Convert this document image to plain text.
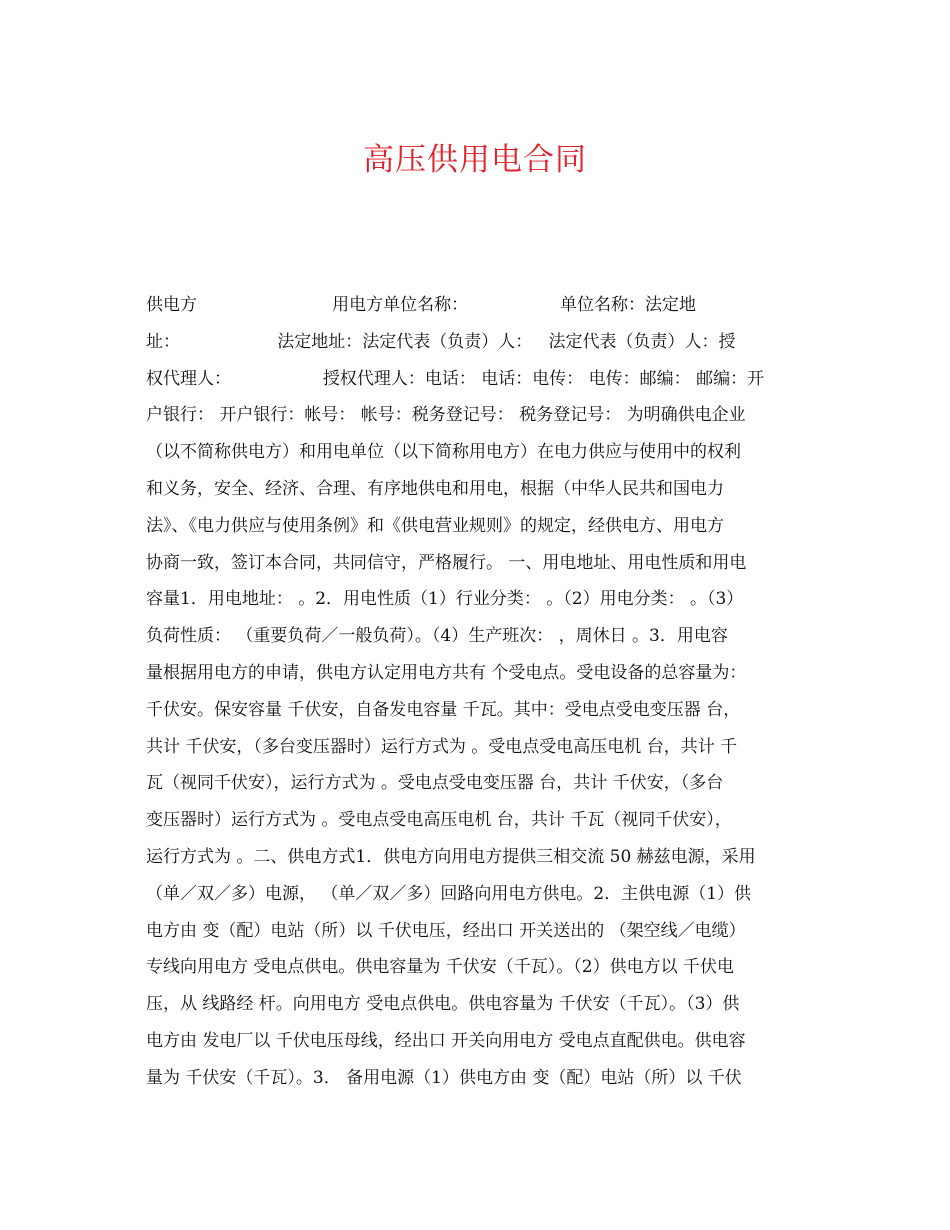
高压供用电合同
供电方                         用电方单位名称：                 单位名称：法定地
址：                  法定地址：法定代表（负责）人：   法定代表（负责）人：授
权代理人：                 授权代理人：电话： 电话：电传： 电传：邮编： 邮编：开
户银行： 开户银行：帐号： 帐号：税务登记号： 税务登记号： 为明确供电企业
（以不简称供电方）和用电单位（以下简称用电方）在电力供应与使用中的权利
和义务，安全、经济、合理、有序地供电和用电，根据（中华人民共和国电力
法》、《电力供应与使用条例》和《供电营业规则》的规定，经供电方、用电方
协商一致，签订本合同，共同信守，严格履行。 一、用电地址、用电性质和用电
容量1．用电地址： 。2．用电性质（1）行业分类： 。（2）用电分类： 。（3）
负荷性质： （重要负荷／一般负荷）。（4）生产班次： ，周休日 。3．用电容
量根据用电方的申请，供电方认定用电方共有 个受电点。受电设备的总容量为：
千伏安。保安容量 千伏安，自备发电容量 千瓦。其中：受电点受电变压器 台，
共计 千伏安，（多台变压器时）运行方式为 。受电点受电高压电机 台，共计 千
瓦（视同千伏安），运行方式为 。受电点受电变压器 台，共计 千伏安，（多台
变压器时）运行方式为 。受电点受电高压电机 台，共计 千瓦（视同千伏安），
运行方式为 。二、供电方式1．供电方向用电方提供三相交流 50 赫兹电源，采用
（单／双／多）电源， （单／双／多）回路向用电方供电。2．主供电源（1）供
电方由 变（配）电站（所）以 千伏电压，经出口 开关送出的 （架空线／电缆）
专线向用电方 受电点供电。供电容量为 千伏安（千瓦）。（2）供电方以 千伏电
压，从 线路经 杆。向用电方 受电点供电。供电容量为 千伏安（千瓦）。（3）供
电方由 发电厂以 千伏电压母线，经出口 开关向用电方 受电点直配供电。供电容
量为 千伏安（千瓦）。3． 备用电源（1）供电方由 变（配）电站（所）以 千伏
